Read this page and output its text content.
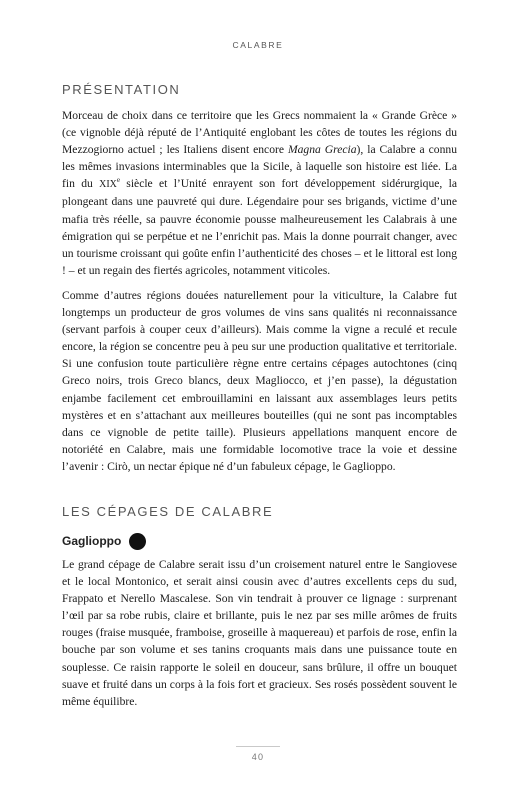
CALABRE
PRÉSENTATION

Morceau de choix dans ce territoire que les Grecs nommaient la « Grande Grèce » (ce vignoble déjà réputé de l’Antiquité englobant les côtes de toutes les régions du Mezzogiorno actuel ; les Italiens disent encore Magna Grecia), la Calabre a connu les mêmes invasions interminables que la Sicile, à laquelle son histoire est liée. La fin du XIXe siècle et l’Unité enrayent son fort développement sidérurgique, la plongeant dans une pauvreté qui dure. Légendaire pour ses brigands, victime d’une mafia très réelle, sa pauvre économie pousse malheureusement les Calabrais à une émigration qui se perpétue et ne l’enrichit pas. Mais la donne pourrait changer, avec un tourisme croissant qui goûte enfin l’authenticité des choses – et le littoral est long ! – et un regain des fiertés agricoles, notamment viticoles.

Comme d’autres régions douées naturellement pour la viticulture, la Calabre fut longtemps un producteur de gros volumes de vins sans qualités ni reconnaissance (servant parfois à couper ceux d’ailleurs). Mais comme la vigne a reculé et recule encore, la région se concentre peu à peu sur une production qualitative et territoriale. Si une confusion toute particulière règne entre certains cépages autochtones (cinq Greco noirs, trois Greco blancs, deux Magliocco, et j’en passe), la dégustation enjambe facilement cet embrouillamini en laissant aux assemblages leurs petits mystères et en s’attachant aux meilleures bouteilles (qui ne sont pas incomptables dans ce vignoble de petite taille). Plusieurs appellations manquent encore de notoriété en Calabre, mais une formidable locomotive trace la voie et dessine l’avenir : Cirò, un nectar épique né d’un fabuleux cépage, le Gaglioppo.

LES CÉPAGES DE CALABRE
Gaglioppo

Le grand cépage de Calabre serait issu d’un croisement naturel entre le Sangiovese et le local Montonico, et serait ainsi cousin avec d’autres excellents ceps du sud, Frappato et Nerello Mascalese. Son vin tendrait à prouver ce lignage : surprenant l’œil par sa robe rubis, claire et brillante, puis le nez par ses mille arômes de fruits rouges (fraise musquée, framboise, groseille à maquereau) et parfois de rose, enfin la bouche par son volume et ses tanins croquants mais dans une puissance toute en souplesse. Ce raisin rapporte le soleil en douceur, sans brûlure, il offre un bouquet suave et fruité dans un corps à la fois fort et gracieux. Ses rosés possèdent souvent le même équilibre.

40
